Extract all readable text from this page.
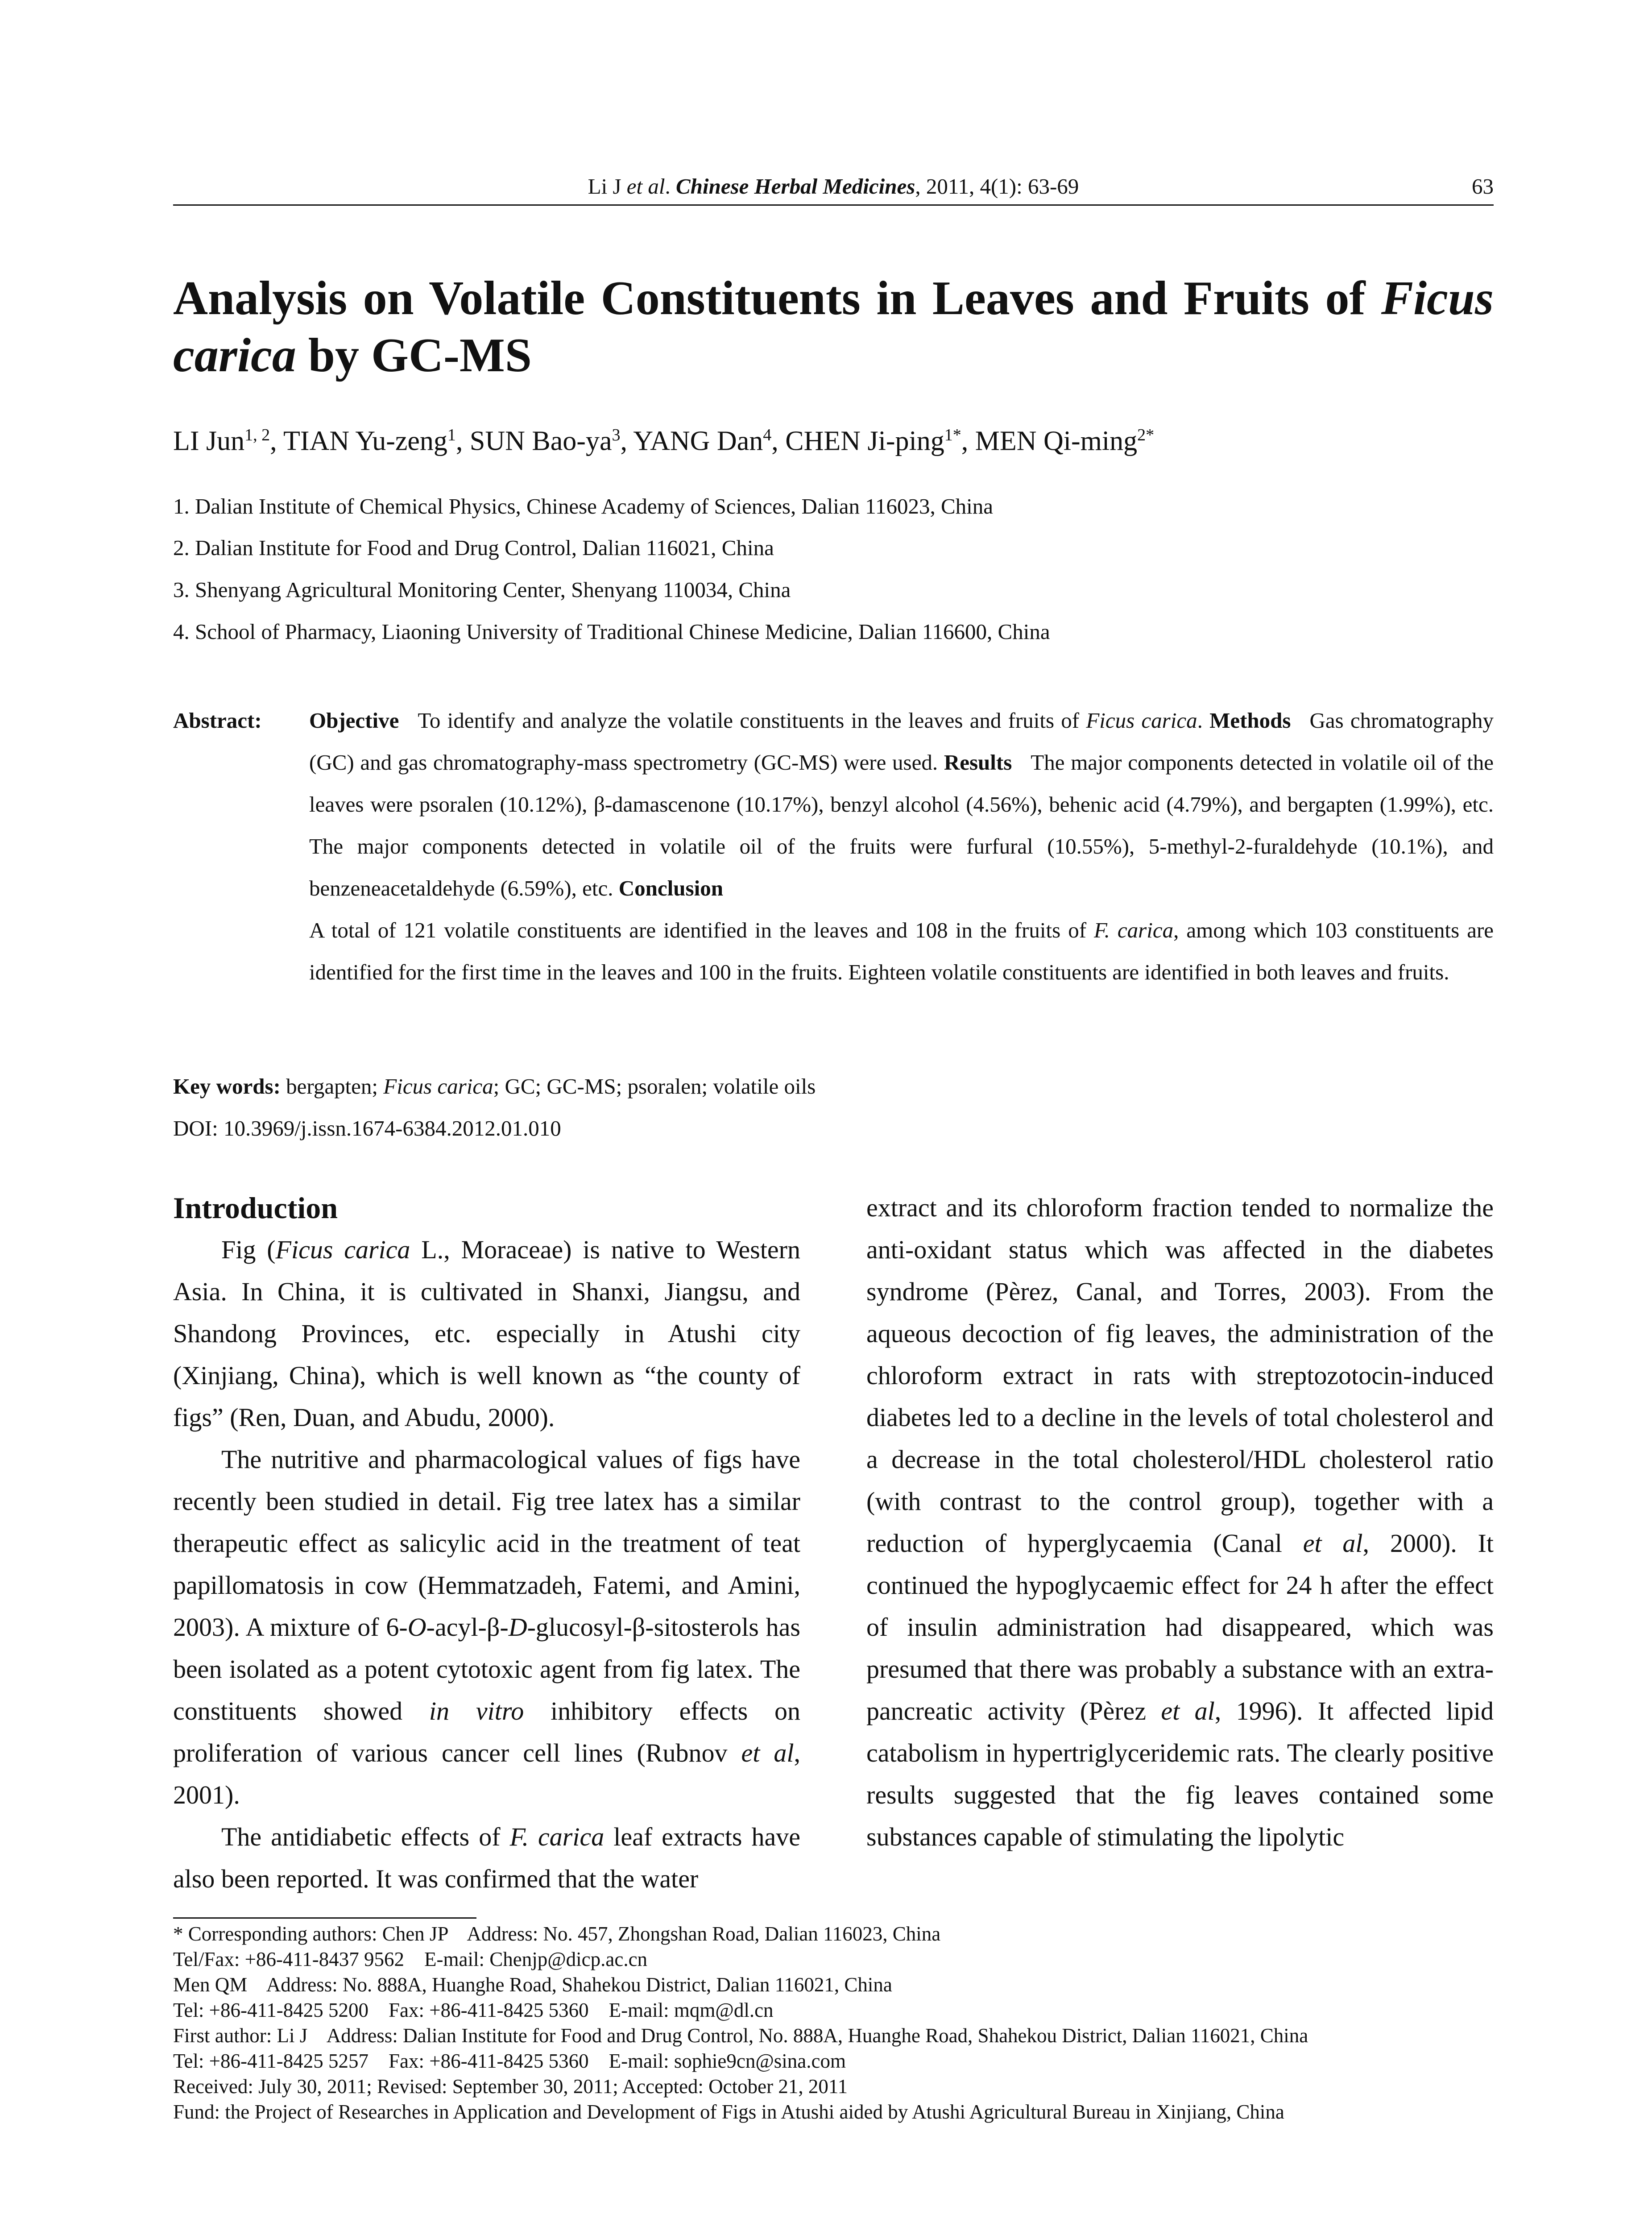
Li J et al. Chinese Herbal Medicines, 2011, 4(1): 63-69	63
Analysis on Volatile Constituents in Leaves and Fruits of Ficus carica by GC-MS
LI Jun$^{1, 2}$, TIAN Yu-zeng$^1$, SUN Bao-$ya^3$, YANG Dan$^4$, CHEN Ji-ping$^{1*}$, MEN Qi-ming$^{2*}$
1. Dalian Institute of Chemical Physics, Chinese Academy of Sciences, Dalian 116023, China
2. Dalian Institute for Food and Drug Control, Dalian 116021, China
3. Shenyang Agricultural Monitoring Center, Shenyang 110034, China
4. School of Pharmacy, Liaoning University of Traditional Chinese Medicine, Dalian 116600, China
Abstract: Objective To identify and analyze the volatile constituents in the leaves and fruits of Ficus carica. Methods Gas chromatography (GC) and gas chromatography-mass spectrometry (GC-MS) were used. Results The major components detected in volatile oil of the leaves were psoralen (10.12%), β-damascenone (10.17%), benzyl alcohol (4.56%), behenic acid (4.79%), and bergapten (1.99%), etc. The major components detected in volatile oil of the fruits were furfural (10.55%), 5-methyl-2-furaldehyde (10.1%), and benzeneacetaldehyde (6.59%), etc. Conclusion
A total of 121 volatile constituents are identified in the leaves and 108 in the fruits of F. carica, among which 103 constituents are identified for the first time in the leaves and 100 in the fruits. Eighteen volatile constituents are identified in both leaves and fruits.
Key words: bergapten; Ficus carica; GC; GC-MS; psoralen; volatile oils
DOI: 10.3969/j.issn.1674-6384.2012.01.010
Introduction

Fig (Ficus carica L., Moraceae) is native to Western Asia. In China, it is cultivated in Shanxi, Jiangsu, and Shandong Provinces, etc. especially in Atushi city (Xinjiang, China), which is well known as “the county of figs” (Ren, Duan, and Abudu, 2000).

The nutritive and pharmacological values of figs have recently been studied in detail. Fig tree latex has a similar therapeutic effect as salicylic acid in the treatment of teat papillomatosis in cow (Hemmatzadeh, Fatemi, and Amini, 2003). A mixture of 6-O-acyl-β-D-glucosyl-β-sitosterols has been isolated as a potent cytotoxic agent from fig latex. The constituents showed in vitro inhibitory effects on proliferation of various cancer cell lines (Rubnov et al, 2001).

The antidiabetic effects of F. carica leaf extracts have also been reported. It was confirmed that the water

extract and its chloroform fraction tended to normalize the anti-oxidant status which was affected in the diabetes syndrome (Pèrez, Canal, and Torres, 2003). From the aqueous decoction of fig leaves, the administration of the chloroform extract in rats with streptozotocin-induced diabetes led to a decline in the levels of total cholesterol and a decrease in the total cholesterol/HDL cholesterol ratio (with contrast to the control group), together with a reduction of hyperglycaemia (Canal et al, 2000). It continued the hypoglycaemic effect for 24 h after the effect of insulin administration had disappeared, which was presumed that there was probably a substance with an extra-pancreatic activity (Pèrez et al, 1996). It affected lipid catabolism in hypertriglyceridemic rats. The clearly positive results suggested that the fig leaves contained some substances capable of stimulating the lipolytic

* Corresponding authors: Chen JP    Address: No. 457, Zhongshan Road, Dalian 116023, China
Tel/Fax: +86-411-8437 9562    E-mail: Chenjp@dicp.ac.cn
Men QM    Address: No. 888A, Huanghe Road, Shahekou District, Dalian 116021, China
Tel: +86-411-8425 5200    Fax: +86-411-8425 5360    E-mail: mqm@dl.cn
First author: Li J    Address: Dalian Institute for Food and Drug Control, No. 888A, Huanghe Road, Shahekou District, Dalian 116021, China
Tel: +86-411-8425 5257    Fax: +86-411-8425 5360    E-mail: sophie9cn@sina.com
Received: July 30, 2011; Revised: September 30, 2011; Accepted: October 21, 2011
Fund: the Project of Researches in Application and Development of Figs in Atushi aided by Atushi Agricultural Bureau in Xinjiang, China
